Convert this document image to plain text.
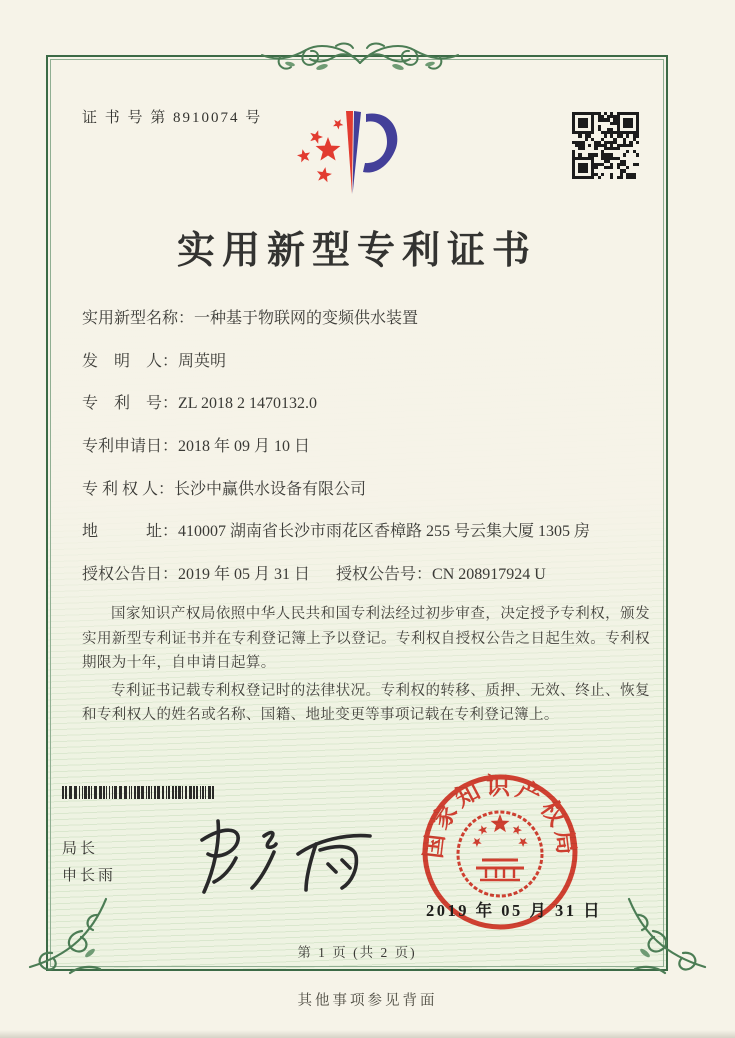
证 书 号 第 8910074 号
实用新型专利证书
实用新型名称：一种基于物联网的变频供水装置
发　明　人：周英明
专　利　号：ZL 2018 2 1470132.0
专利申请日：2018 年 09 月 10 日
专 利 权 人：长沙中赢供水设备有限公司
地　　　址：410007 湖南省长沙市雨花区香樟路 255 号云集大厦 1305 房
授权公告日：2019 年 05 月 31 日 授权公告号：CN 208917924 U

国家知识产权局依照中华人民共和国专利法经过初步审查，决定授予专利权，颁发实用新型专利证书并在专利登记簿上予以登记。专利权自授权公告之日起生效。专利权期限为十年，自申请日起算。

专利证书记载专利权登记时的法律状况。专利权的转移、质押、无效、终止、恢复和专利权人的姓名或名称、国籍、地址变更等事项记载在专利登记簿上。

局长
申长雨
国家知识产权局
2019 年 05 月 31 日
第 1 页 (共 2 页)
其他事项参见背面
